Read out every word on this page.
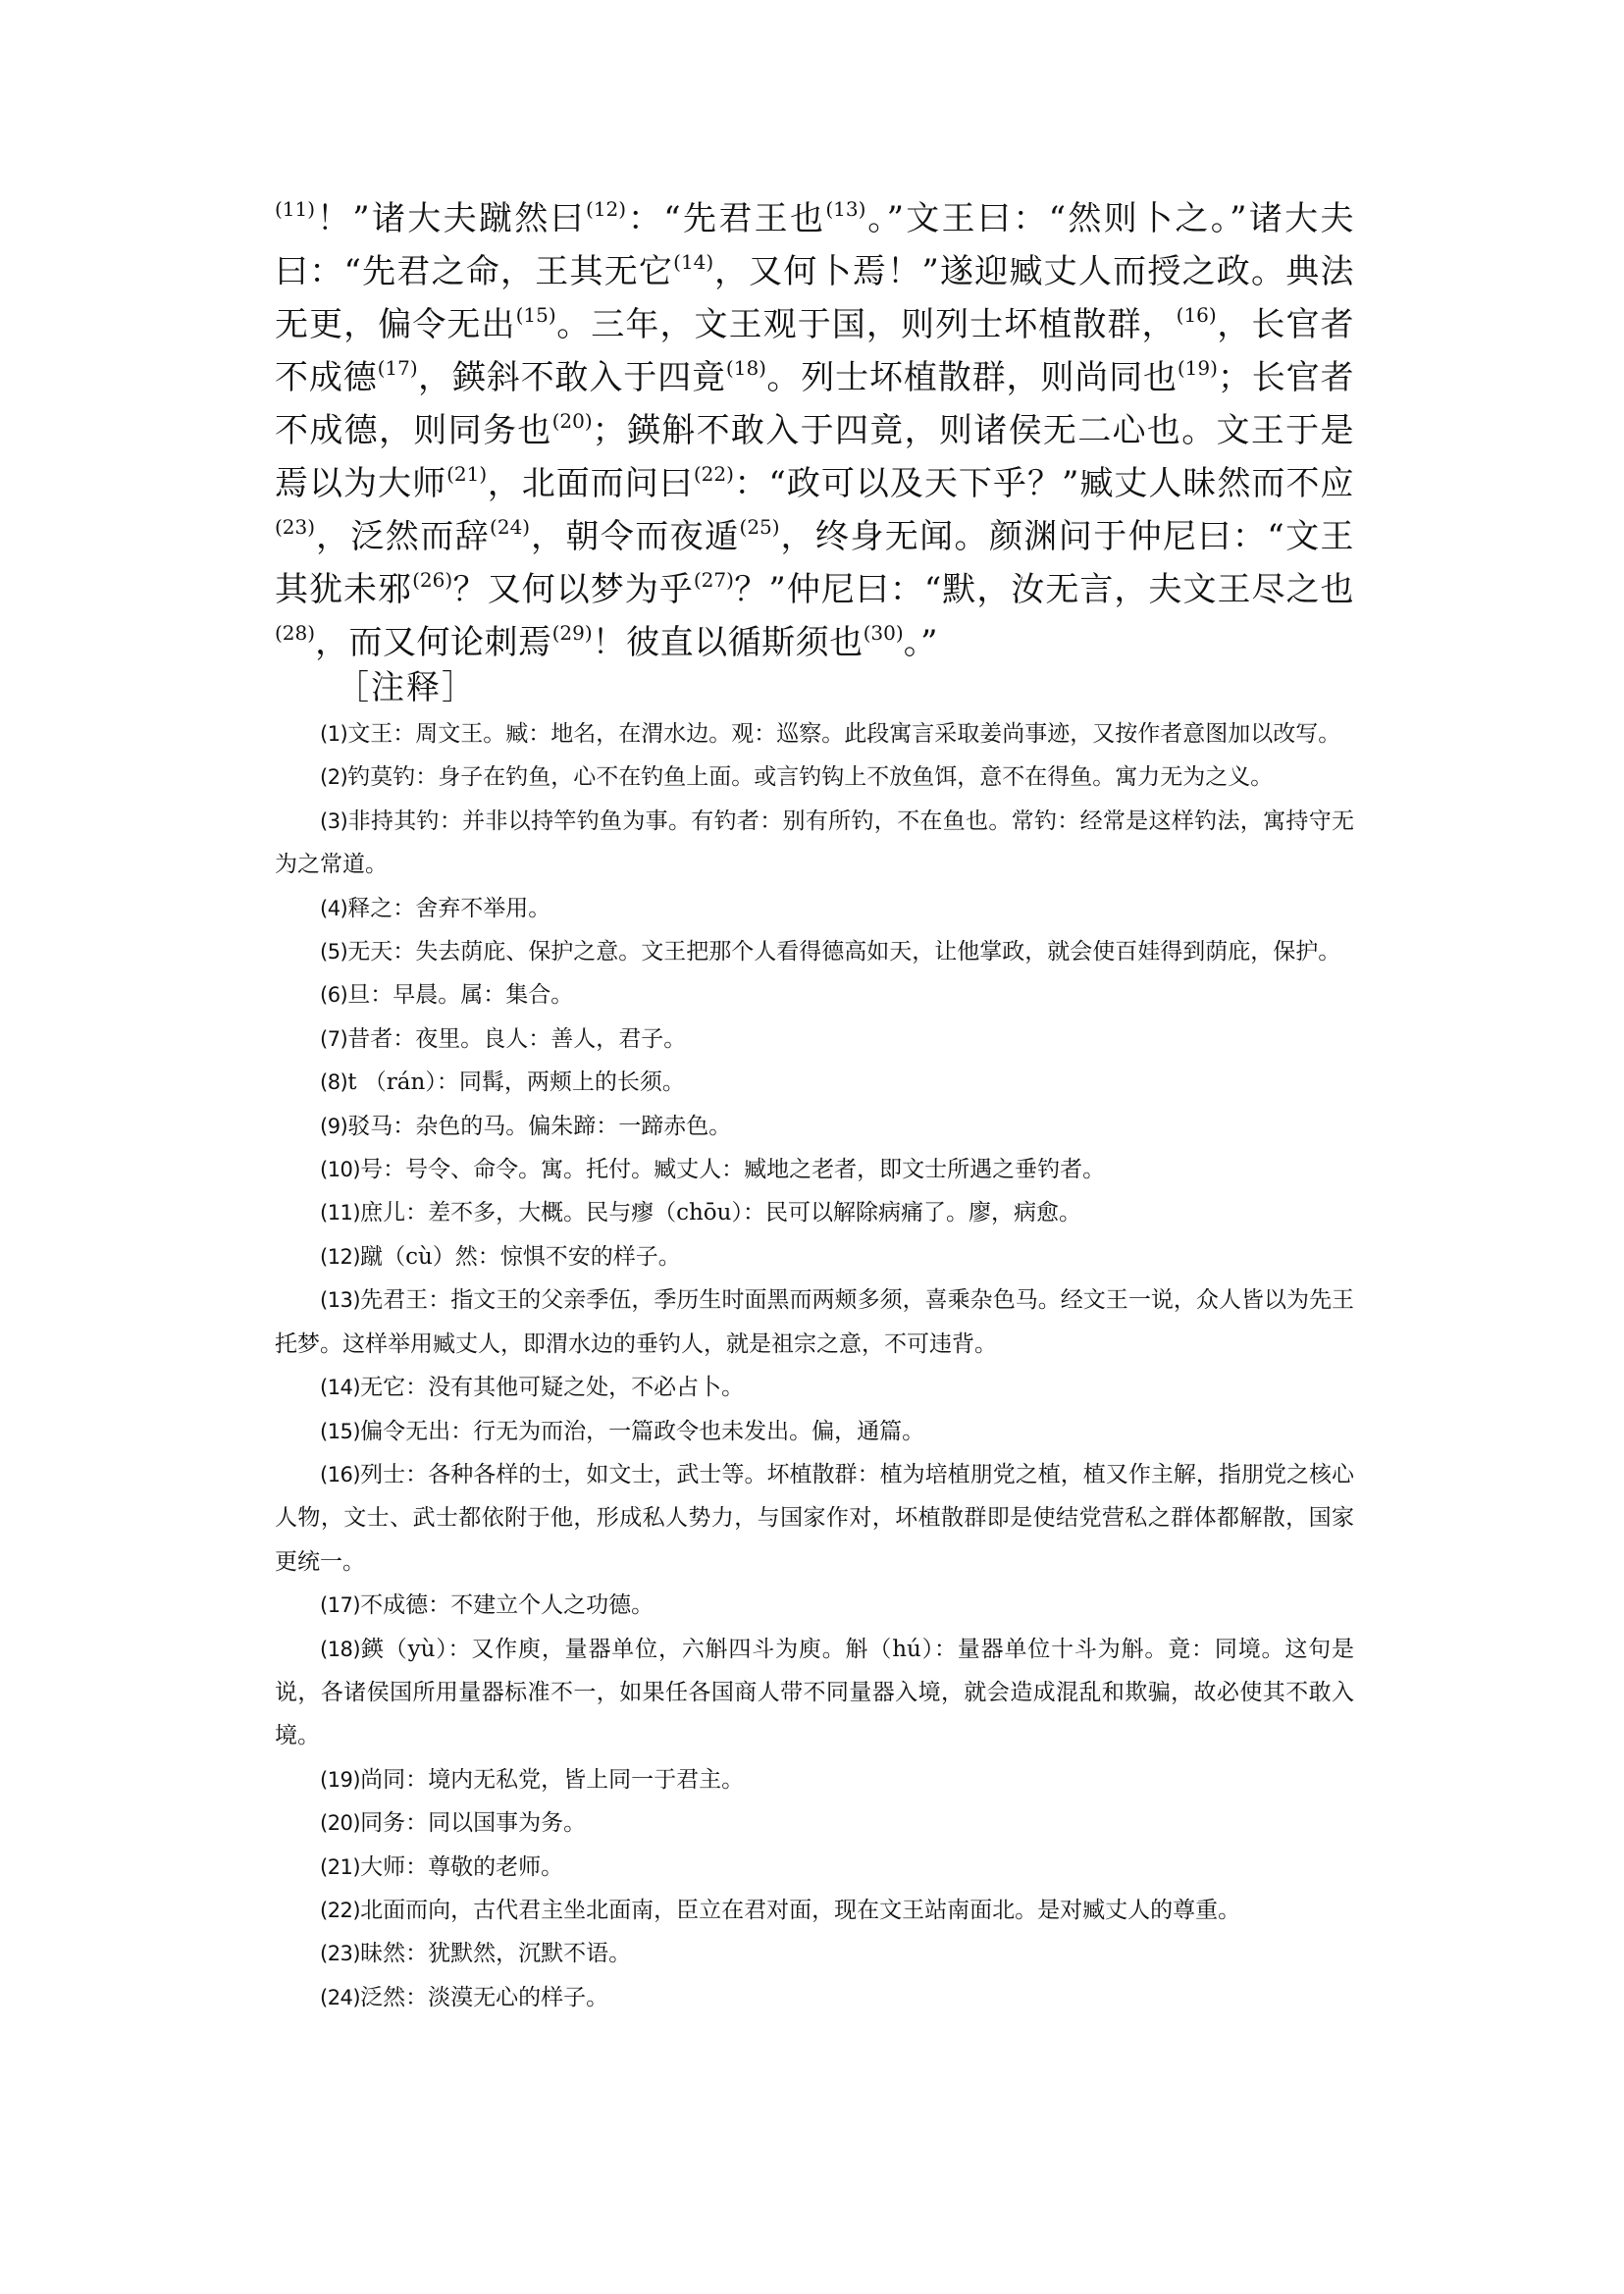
$^{(11)}$！”诸大夫蹴然曰$^{(12)}$：“先君王也$^{(13)}$。”文王曰：“然则卜之。”诸大夫曰：“先君之命，王其无它$^{(14)}$，又何卜焉！”遂迎臧丈人而授之政。典法无更，偏令无出$^{(15)}$。三年，文王观于国，则列士坏植散群，$^{(16)}$，长官者不成德$^{(17)}$，鍈斜不敢入于四竟$^{(18)}$。列士坏植散群，则尚同也$^{(19)}$；长官者不成德，则同务也$^{(20)}$；鍈斛不敢入于四竟，则诸侯无二心也。文王于是焉以为大师$^{(21)}$，北面而问曰$^{(22)}$：“政可以及天下乎？”臧丈人昧然而不应$^{(23)}$，泛然而辞$^{(24)}$，朝令而夜遁$^{(25)}$，终身无闻。颜渊问于仲尼曰：“文王其犹未邪$^{(26)}$？又何以梦为乎$^{(27)}$？”仲尼曰：“默，汝无言，夫文王尽之也$^{(28)}$，而又何论刺焉$^{(29)}$！彼直以循斯须也$^{(30)}$。”

［注释］
(1)文王：周文王。臧：地名，在渭水边。观：巡察。此段寓言采取姜尚事迹，又按作者意图加以改写。
(2)钓莫钓：身子在钓鱼，心不在钓鱼上面。或言钓钩上不放鱼饵，意不在得鱼。寓力无为之义。
(3)非持其钓：并非以持竿钓鱼为事。有钓者：别有所钓，不在鱼也。常钓：经常是这样钓法，寓持守无为之常道。
(4)释之：舍弃不举用。
(5)无天：失去荫庇、保护之意。文王把那个人看得德高如天，让他掌政，就会使百娃得到荫庇，保护。
(6)旦：早晨。属：集合。
(7)昔者：夜里。良人：善人，君子。
(8)t （rán）：同髯，两颊上的长须。
(9)驳马：杂色的马。偏朱蹄：一蹄赤色。
(10)号：号令、命令。寓。托付。臧丈人：臧地之老者，即文士所遇之垂钓者。
(11)庶儿：差不多，大概。民与瘳（chōu）：民可以解除病痛了。廖，病愈。
(12)蹴（cù）然：惊惧不安的样子。
(13)先君王：指文王的父亲季伍，季历生时面黑而两颊多须，喜乘杂色马。经文王一说，众人皆以为先王托梦。这样举用臧丈人，即渭水边的垂钓人，就是祖宗之意，不可违背。
(14)无它：没有其他可疑之处，不必占卜。
(15)偏令无出：行无为而治，一篇政令也未发出。偏，通篇。
(16)列士：各种各样的士，如文士，武士等。坏植散群：植为培植朋党之植，植又作主解，指朋党之核心人物，文士、武士都依附于他，形成私人势力，与国家作对，坏植散群即是使结党营私之群体都解散，国家更统一。
(17)不成德：不建立个人之功德。
(18)鍈（yù）：又作庾，量器单位，六斛四斗为庾。斛（hú）：量器单位十斗为斛。竟：同境。这句是说，各诸侯国所用量器标准不一，如果任各国商人带不同量器入境，就会造成混乱和欺骗，故必使其不敢入境。
(19)尚同：境内无私党，皆上同一于君主。
(20)同务：同以国事为务。
(21)大师：尊敬的老师。
(22)北面而向，古代君主坐北面南，臣立在君对面，现在文王站南面北。是对臧丈人的尊重。
(23)昧然：犹默然，沉默不语。
(24)泛然：淡漠无心的样子。
